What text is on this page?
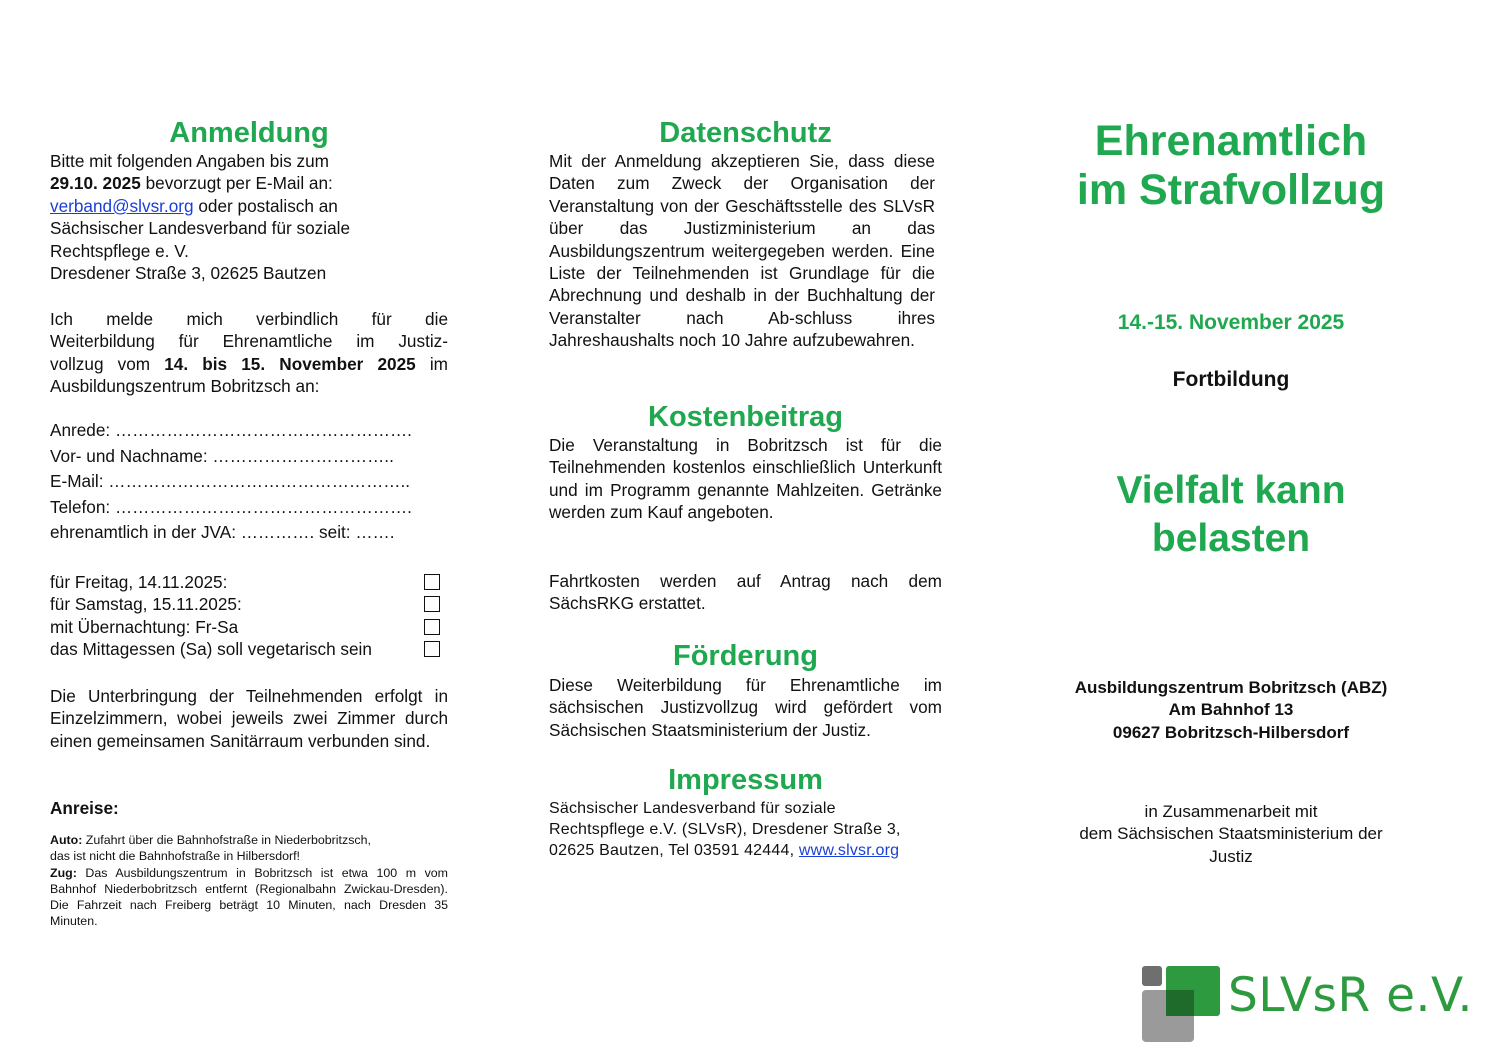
Anmeldung

Bitte mit folgenden Angaben bis zum

29.10. 2025 bevorzugt per E-Mail an:

verband@slvsr.org oder postalisch an

Sächsischer Landesverband für soziale

Rechtspflege e. V.

Dresdener Straße 3, 02625 Bautzen

Ich melde mich verbindlich für die

Weiterbildung für Ehrenamtliche im Justiz-

vollzug vom 14. bis 15. November 2025 im

Ausbildungszentrum Bobritzsch an:

Anrede: …………………………………………….
Vor- und Nachname: …………………………..
E-Mail: ……………………………………………..
Telefon: …………………………………………….
ehrenamtlich in der JVA: …………. seit: …….
für Freitag, 14.11.2025:
für Samstag, 15.11.2025:
mit Übernachtung: Fr-Sa
das Mittagessen (Sa) soll vegetarisch sein

Die Unterbringung der Teilnehmenden erfolgt in Einzelzimmern, wobei jeweils zwei Zimmer durch einen gemeinsamen Sanitärraum verbunden sind.

Anreise:

Auto: Zufahrt über die Bahnhofstraße in Niederbobritzsch,

das ist nicht die Bahnhofstraße in Hilbersdorf!

Zug: Das Ausbildungszentrum in Bobritzsch ist etwa 100 m vom Bahnhof Niederbobritzsch entfernt (Regionalbahn Zwickau-Dresden). Die Fahrzeit nach Freiberg beträgt 10 Minuten, nach Dresden 35 Minuten.

Datenschutz

Mit der Anmeldung akzeptieren Sie, dass diese Daten zum Zweck der Organisation der Veranstaltung von der Geschäftsstelle des SLVsR über das Justizministerium an das Ausbildungszentrum weitergegeben werden. Eine Liste der Teilnehmenden ist Grundlage für die Abrechnung und deshalb in der Buchhaltung der Veranstalter nach Ab-schluss ihres Jahreshaushalts noch 10 Jahre aufzubewahren.

Kostenbeitrag

Die Veranstaltung in Bobritzsch ist für die Teilnehmenden kostenlos einschließlich Unterkunft und im Programm genannte Mahlzeiten. Getränke werden zum Kauf angeboten.

Fahrtkosten werden auf Antrag nach dem SächsRKG erstattet.

Förderung

Diese Weiterbildung für Ehrenamtliche im sächsischen Justizvollzug wird gefördert vom Sächsischen Staatsministerium der Justiz.

Impressum

Sächsischer Landesverband für soziale

Rechtspflege e.V. (SLVsR), Dresdener Straße 3,

02625 Bautzen, Tel 03591 42444, www.slvsr.org

Ehrenamtlich

im Strafvollzug

14.-15. November 2025

Fortbildung

Vielfalt kann

belasten

Ausbildungszentrum Bobritzsch (ABZ)

Am Bahnhof 13

09627 Bobritzsch-Hilbersdorf

in Zusammenarbeit mit

dem Sächsischen Staatsministerium der

Justiz

SLVsR e.V.
